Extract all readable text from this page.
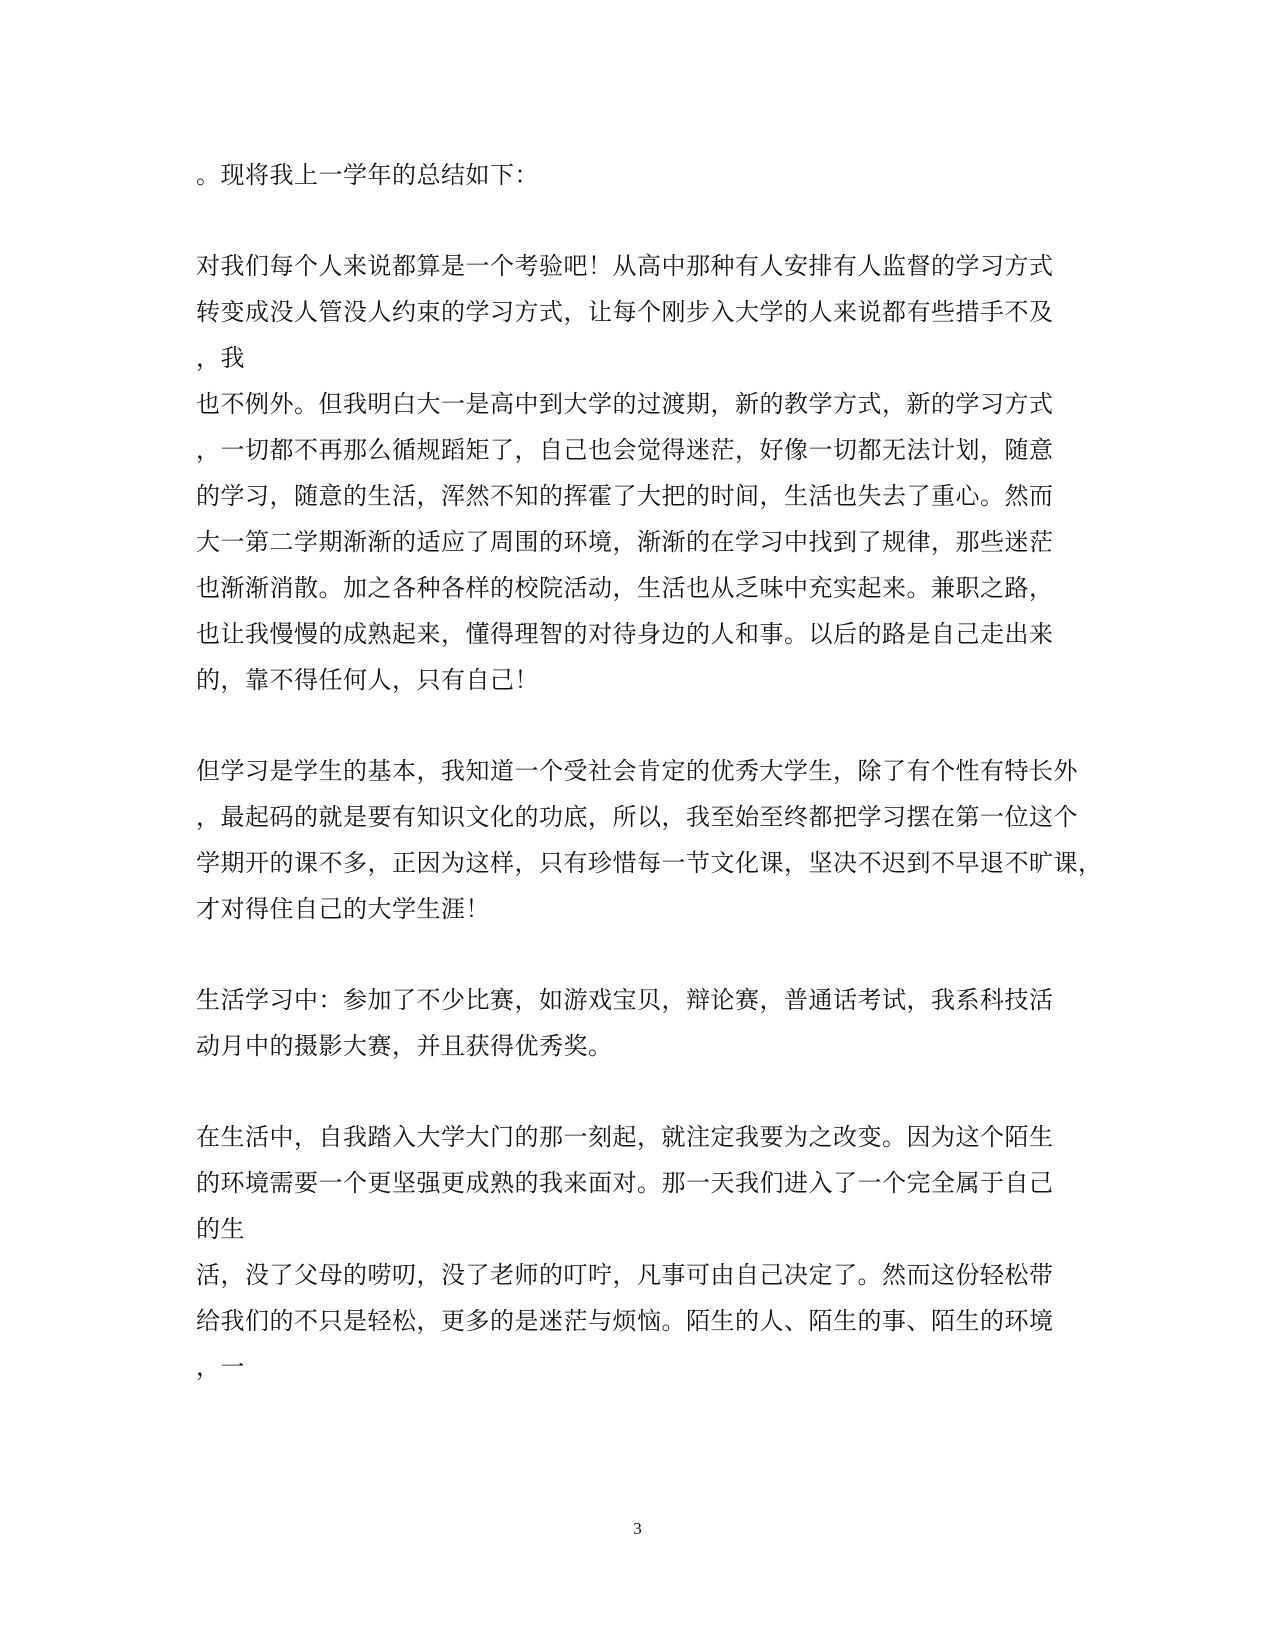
。现将我上一学年的总结如下：
对我们每个人来说都算是一个考验吧！从高中那种有人安排有人监督的学习方式
转变成没人管没人约束的学习方式，让每个刚步入大学的人来说都有些措手不及
，我
也不例外。但我明白大一是高中到大学的过渡期，新的教学方式，新的学习方式
，一切都不再那么循规蹈矩了，自己也会觉得迷茫，好像一切都无法计划，随意
的学习，随意的生活，浑然不知的挥霍了大把的时间，生活也失去了重心。然而
大一第二学期渐渐的适应了周围的环境，渐渐的在学习中找到了规律，那些迷茫
也渐渐消散。加之各种各样的校院活动，生活也从乏味中充实起来。兼职之路，
也让我慢慢的成熟起来，懂得理智的对待身边的人和事。以后的路是自己走出来
的，靠不得任何人，只有自己！
但学习是学生的基本，我知道一个受社会肯定的优秀大学生，除了有个性有特长外
，最起码的就是要有知识文化的功底，所以，我至始至终都把学习摆在第一位这个
学期开的课不多，正因为这样，只有珍惜每一节文化课，坚决不迟到不早退不旷课，
才对得住自己的大学生涯！
生活学习中：参加了不少比赛，如游戏宝贝，辩论赛，普通话考试，我系科技活
动月中的摄影大赛，并且获得优秀奖。
在生活中，自我踏入大学大门的那一刻起，就注定我要为之改变。因为这个陌生
的环境需要一个更坚强更成熟的我来面对。那一天我们进入了一个完全属于自己
的生
活，没了父母的唠叨，没了老师的叮咛，凡事可由自己决定了。然而这份轻松带
给我们的不只是轻松，更多的是迷茫与烦恼。陌生的人、陌生的事、陌生的环境
，一
3
